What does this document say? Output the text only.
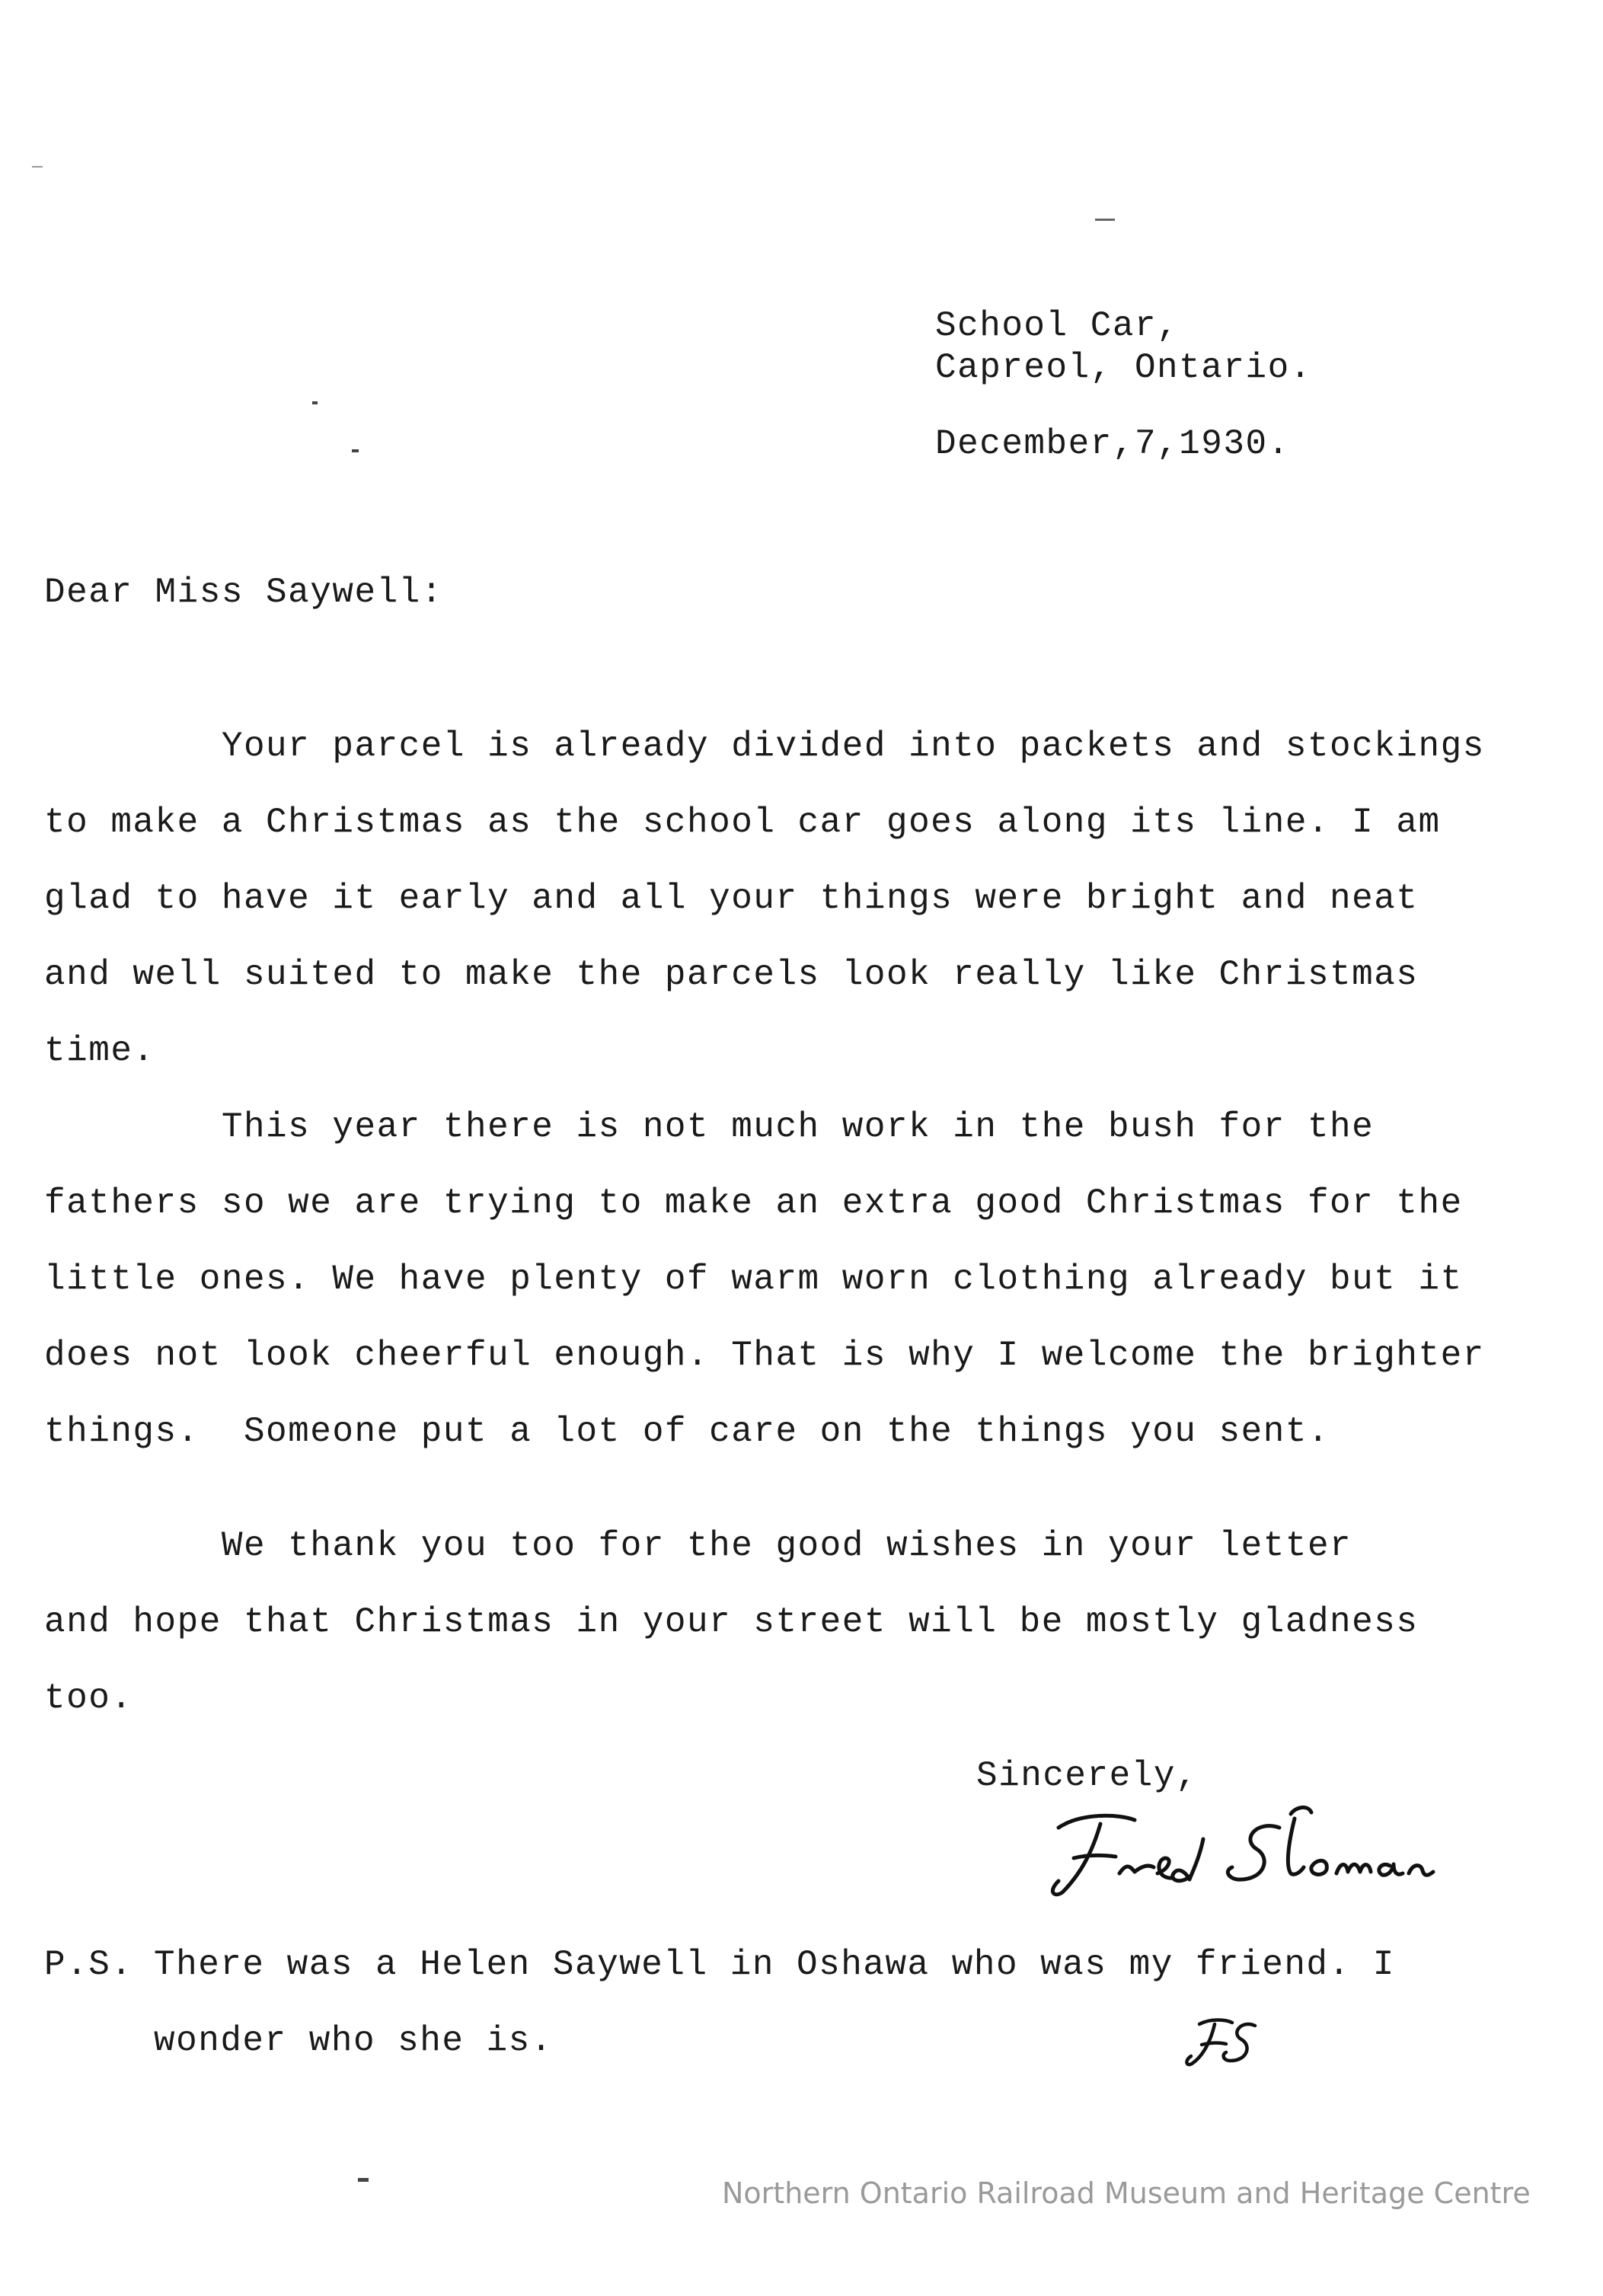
School Car,
Capreol, Ontario.
December,7,1930.
Dear Miss Saywell:
Your parcel is already divided into packets and stockings
to make a Christmas as the school car goes along its line. I am
glad to have it early and all your things were bright and neat
and well suited to make the parcels look really like Christmas
time.
This year there is not much work in the bush for the
fathers so we are trying to make an extra good Christmas for the
little ones. We have plenty of warm worn clothing already but it
does not look cheerful enough. That is why I welcome the brighter
things.  Someone put a lot of care on the things you sent.
We thank you too for the good wishes in your letter
and hope that Christmas in your street will be mostly gladness
too.
Sincerely,
P.S. There was a Helen Saywell in Oshawa who was my friend. I
wonder who she is.
Northern Ontario Railroad Museum and Heritage Centre
